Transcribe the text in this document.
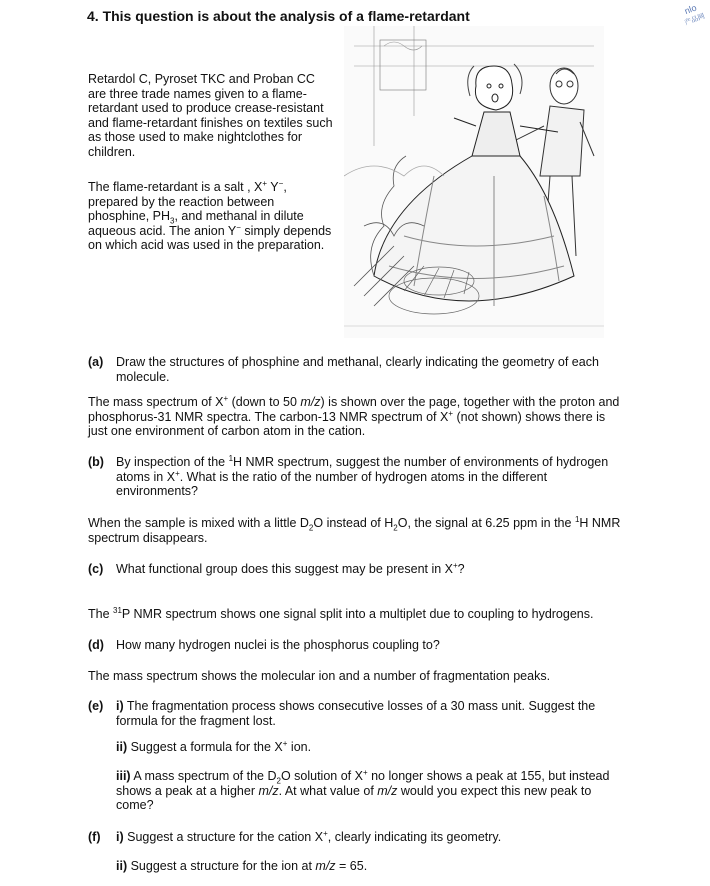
4. This question is about the analysis of a flame-retardant	nlo
产品网
Retardol C, Pyroset TKC and Proban CC are three trade names given to a flame-retardant used to produce crease-resistant and flame-retardant finishes on textiles such as those used to make nightclothes for children.
The flame-retardant is a salt , X+ Y−, prepared by the reaction between phosphine, $PH_3$, and methanal in dilute aqueous acid. The anion Y− simply depends on which acid was used in the preparation.
(a)	Draw the structures of phosphine and methanal, clearly indicating the geometry of each molecule.
The mass spectrum of X+ (down to 50 m/z) is shown over the page, together with the proton and phosphorus-31 NMR spectra. The carbon-13 NMR spectrum of X+ (not shown) shows there is just one environment of carbon atom in the cation.
(b) By inspection of the $^1$H NMR spectrum, suggest the number of environments of hydrogen atoms in X+. What is the ratio of the number of hydrogen atoms in the different environments?
When the sample is mixed with a little $D_2O$ instead of $H_2O$, the signal at 6.25 ppm in the $^1$H NMR spectrum disappears.
(c)	What functional group does this suggest may be present in X+?
The $^{31}$P NMR spectrum shows one signal split into a multiplet due to coupling to hydrogens.
(d) How many hydrogen nuclei is the phosphorus coupling to?
The mass spectrum shows the molecular ion and a number of fragmentation peaks.
(e)	i) The fragmentation process shows consecutive losses of a 30 mass unit. Suggest the formula for the fragment lost.
ii) Suggest a formula for the X+ ion.
iii) A mass spectrum of the $D_2O$ solution of X+ no longer shows a peak at 155, but instead shows a peak at a higher m/z. At what value of m/z would you expect this new peak to come?
(f)	i) Suggest a structure for the cation X+, clearly indicating its geometry.
ii) Suggest a structure for the ion at m/z = 65.
